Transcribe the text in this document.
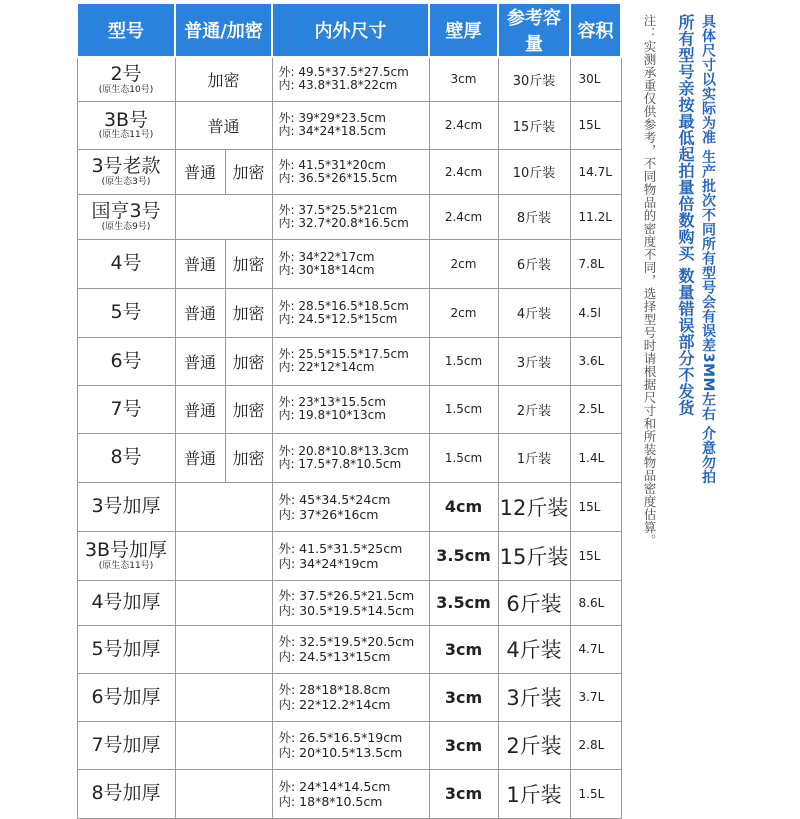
型号	普通/加密		内外尺寸	壁厚	参考容量	容积
2号
(原生态10号)	加密		外: 49.5*37.5*27.5cm
内: 43.8*31.8*22cm	3cm	30斤装	30L
3B号
(原生态11号)	普通		外: 39*29*23.5cm
内: 34*24*18.5cm	2.4cm	15斤装	15L
3号老款
(原生态3号)	普通	加密	外: 41.5*31*20cm
内: 36.5*26*15.5cm	2.4cm	10斤装	14.7L
国亨3号
(原生态9号)			外: 37.5*25.5*21cm
内: 32.7*20.8*16.5cm	2.4cm	8斤装	11.2L
4号	普通	加密	外: 34*22*17cm
内: 30*18*14cm	2cm	6斤装	7.8L
5号	普通	加密	外: 28.5*16.5*18.5cm
内: 24.5*12.5*15cm	2cm	4斤装	4.5l
6号	普通	加密	外: 25.5*15.5*17.5cm
内: 22*12*14cm	1.5cm	3斤装	3.6L
7号	普通	加密	外: 23*13*15.5cm
内: 19.8*10*13cm	1.5cm	2斤装	2.5L
8号	普通	加密	外: 20.8*10.8*13.3cm
内: 17.5*7.8*10.5cm	1.5cm	1斤装	1.4L
3号加厚			外: 45*34.5*24cm
内: 37*26*16cm	4cm	12斤装	15L
3B号加厚
(原生态11号)			外: 41.5*31.5*25cm
内: 34*24*19cm	3.5cm	15斤装	15L
4号加厚			外: 37.5*26.5*21.5cm
内: 30.5*19.5*14.5cm	3.5cm	6斤装	8.6L
5号加厚			外: 32.5*19.5*20.5cm
内: 24.5*13*15cm	3cm	4斤装	4.7L
6号加厚			外: 28*18*18.8cm
内: 22*12.2*14cm	3cm	3斤装	3.7L
7号加厚			外: 26.5*16.5*19cm
内: 20*10.5*13.5cm	3cm	2斤装	2.8L
8号加厚			外: 24*14*14.5cm
内: 18*8*10.5cm	3cm	1斤装	1.5L
注：实测承重仅供参考，不同物品的密度不同，选择型号时请根据尺寸和所装物品密度估算。 所有型号亲按最低起拍量倍数购买 数量错误部分不发货 具体尺寸以实际为准 生产批次不同所有型号会有误差3MM左右 介意勿拍
